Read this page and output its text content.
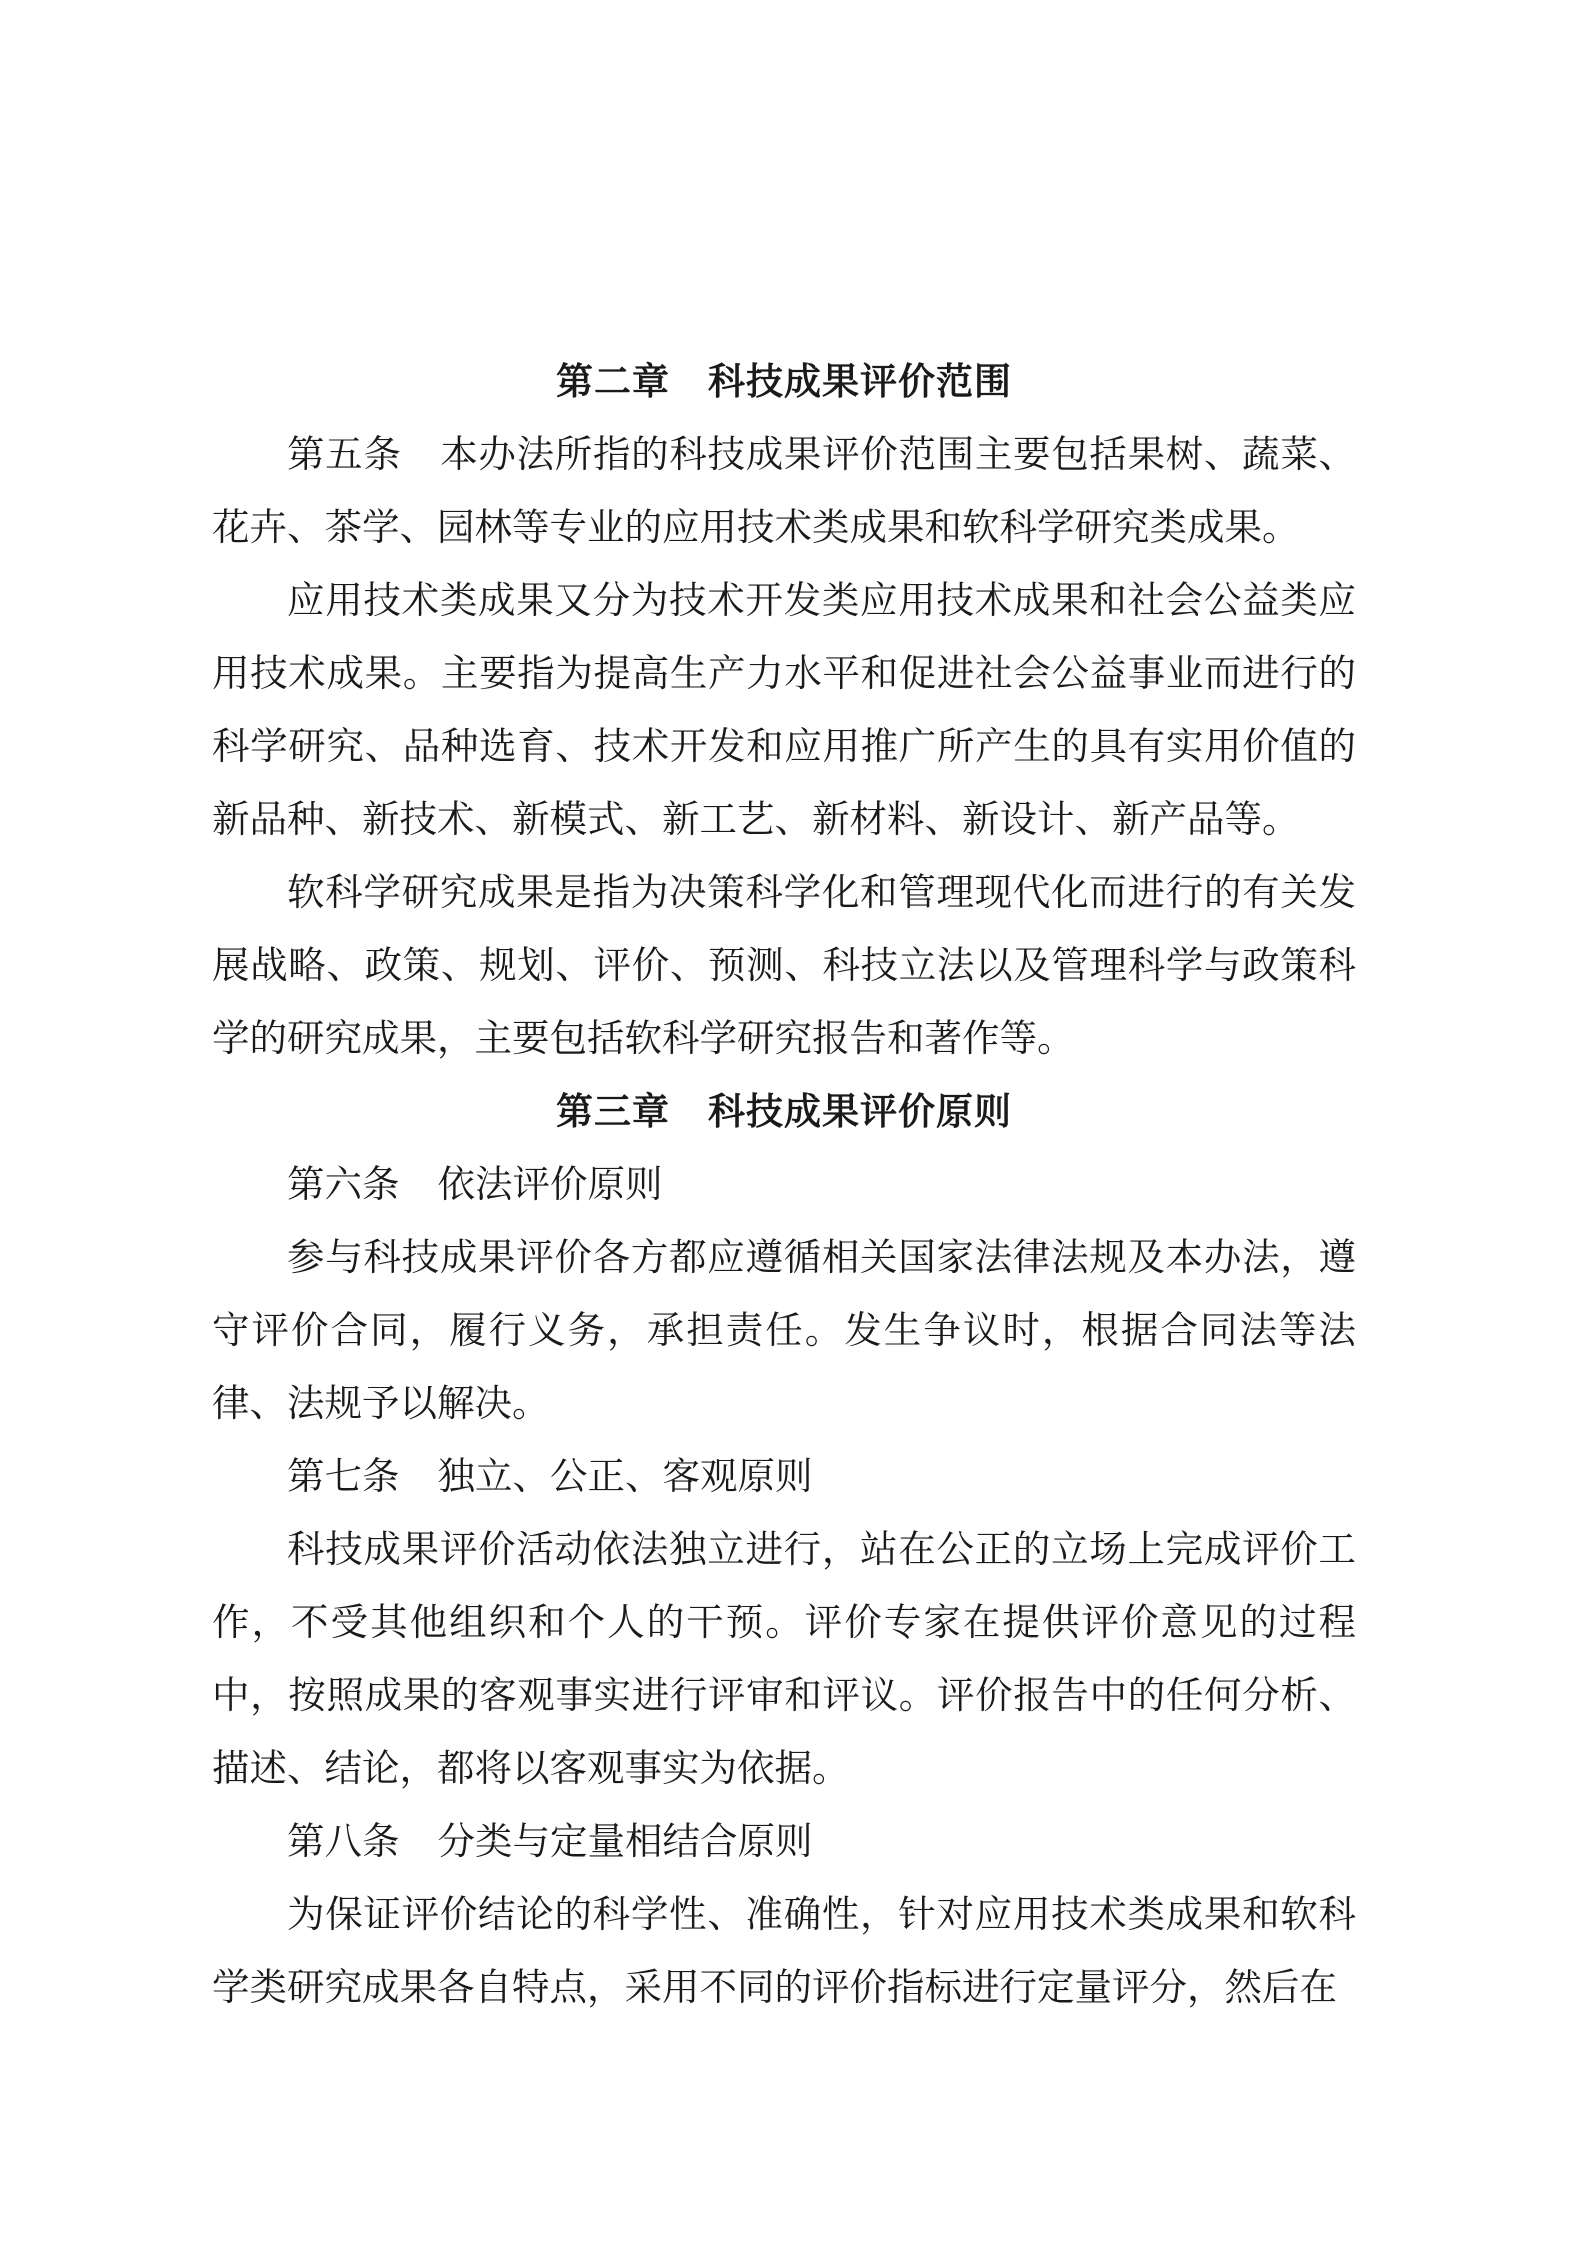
第二章 科技成果评价范围

第五条 本办法所指的科技成果评价范围主要包括果树、蔬菜、花卉、茶学、园林等专业的应用技术类成果和软科学研究类成果。

应用技术类成果又分为技术开发类应用技术成果和社会公益类应用技术成果。主要指为提高生产力水平和促进社会公益事业而进行的科学研究、品种选育、技术开发和应用推广所产生的具有实用价值的新品种、新技术、新模式、新工艺、新材料、新设计、新产品等。

软科学研究成果是指为决策科学化和管理现代化而进行的有关发展战略、政策、规划、评价、预测、科技立法以及管理科学与政策科学的研究成果，主要包括软科学研究报告和著作等。

第三章 科技成果评价原则

第六条 依法评价原则

参与科技成果评价各方都应遵循相关国家法律法规及本办法，遵守评价合同，履行义务，承担责任。发生争议时，根据合同法等法律、法规予以解决。

第七条 独立、公正、客观原则

科技成果评价活动依法独立进行，站在公正的立场上完成评价工作，不受其他组织和个人的干预。评价专家在提供评价意见的过程中，按照成果的客观事实进行评审和评议。评价报告中的任何分析、描述、结论，都将以客观事实为依据。

第八条 分类与定量相结合原则

为保证评价结论的科学性、准确性，针对应用技术类成果和软科学类研究成果各自特点，采用不同的评价指标进行定量评分，然后在
